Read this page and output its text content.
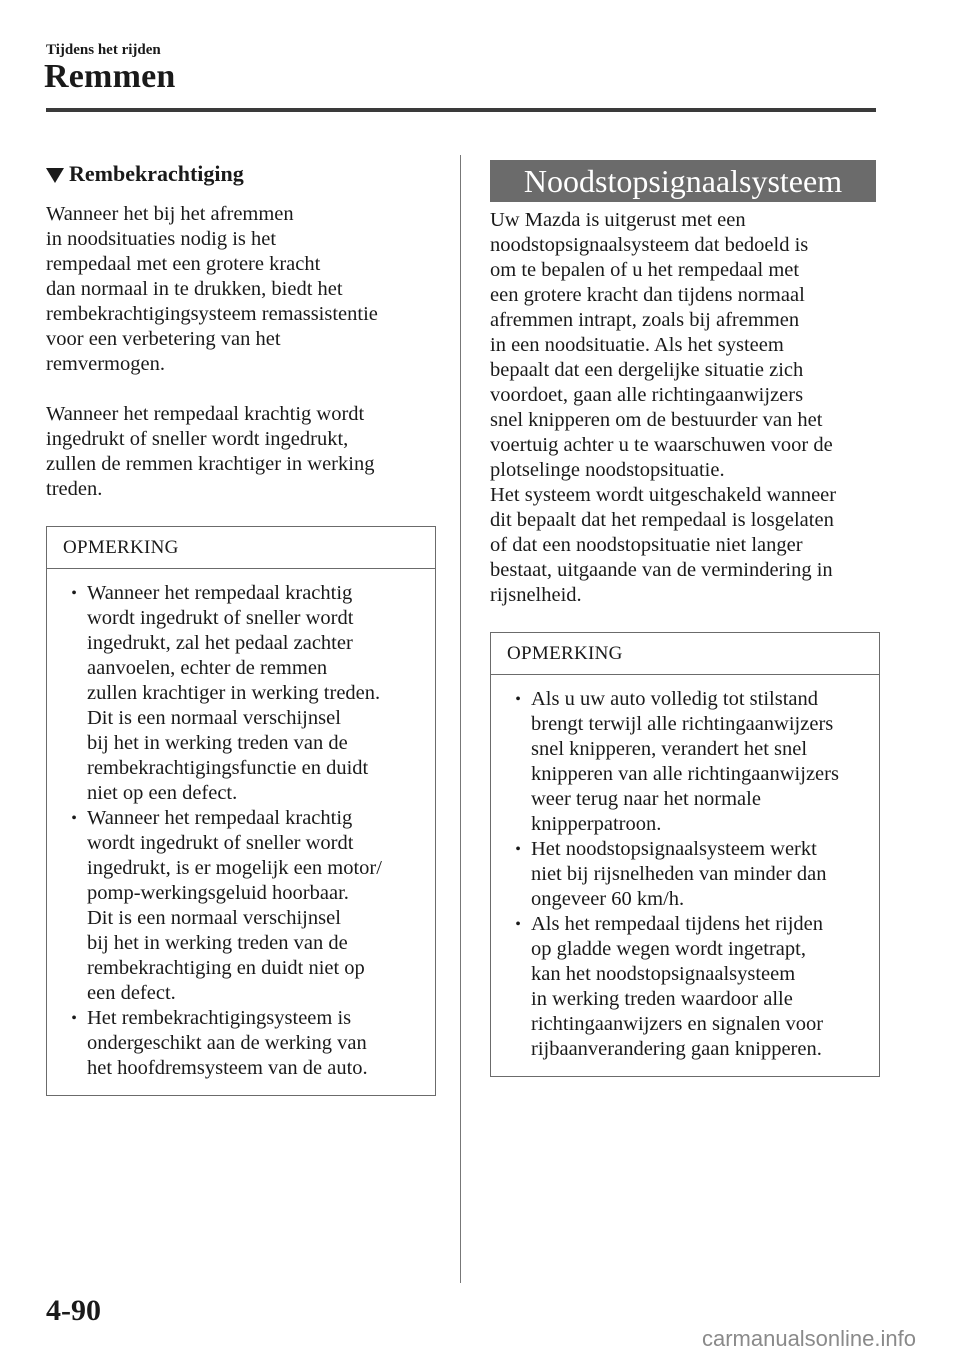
Tijdens het rijden
Remmen
Rembekrachtiging

Wanneer het bij het afremmen
in noodsituaties nodig is het
rempedaal met een grotere kracht
dan normaal in te drukken, biedt het
rembekrachtigingsysteem remassistentie
voor een verbetering van het
remvermogen.

Wanneer het rempedaal krachtig wordt
ingedrukt of sneller wordt ingedrukt,
zullen de remmen krachtiger in werking
treden.

OPMERKING
• Wanneer het rempedaal krachtig
wordt ingedrukt of sneller wordt
ingedrukt, zal het pedaal zachter
aanvoelen, echter de remmen
zullen krachtiger in werking treden.
Dit is een normaal verschijnsel
bij het in werking treden van de
rembekrachtigingsfunctie en duidt
niet op een defect.

• Wanneer het rempedaal krachtig
wordt ingedrukt of sneller wordt
ingedrukt, is er mogelijk een motor/
pomp-werkingsgeluid hoorbaar.
Dit is een normaal verschijnsel
bij het in werking treden van de
rembekrachtiging en duidt niet op
een defect.

• Het rembekrachtigingsysteem is
ondergeschikt aan de werking van
het hoofdremsysteem van de auto.

Noodstopsignaalsysteem

Uw Mazda is uitgerust met een
noodstopsignaalsysteem dat bedoeld is
om te bepalen of u het rempedaal met
een grotere kracht dan tijdens normaal
afremmen intrapt, zoals bij afremmen
in een noodsituatie. Als het systeem
bepaalt dat een dergelijke situatie zich
voordoet, gaan alle richtingaanwijzers
snel knipperen om de bestuurder van het
voertuig achter u te waarschuwen voor de
plotselinge noodstopsituatie.
Het systeem wordt uitgeschakeld wanneer
dit bepaalt dat het rempedaal is losgelaten
of dat een noodstopsituatie niet langer
bestaat, uitgaande van de vermindering in
rijsnelheid.

OPMERKING
• Als u uw auto volledig tot stilstand
brengt terwijl alle richtingaanwijzers
snel knipperen, verandert het snel
knipperen van alle richtingaanwijzers
weer terug naar het normale
knipperpatroon.

• Het noodstopsignaalsysteem werkt
niet bij rijsnelheden van minder dan
ongeveer 60 km/h.

• Als het rempedaal tijdens het rijden
op gladde wegen wordt ingetrapt,
kan het noodstopsignaalsysteem
in werking treden waardoor alle
richtingaanwijzers en signalen voor
rijbaanverandering gaan knipperen.

4-90
carmanualsonline.info
